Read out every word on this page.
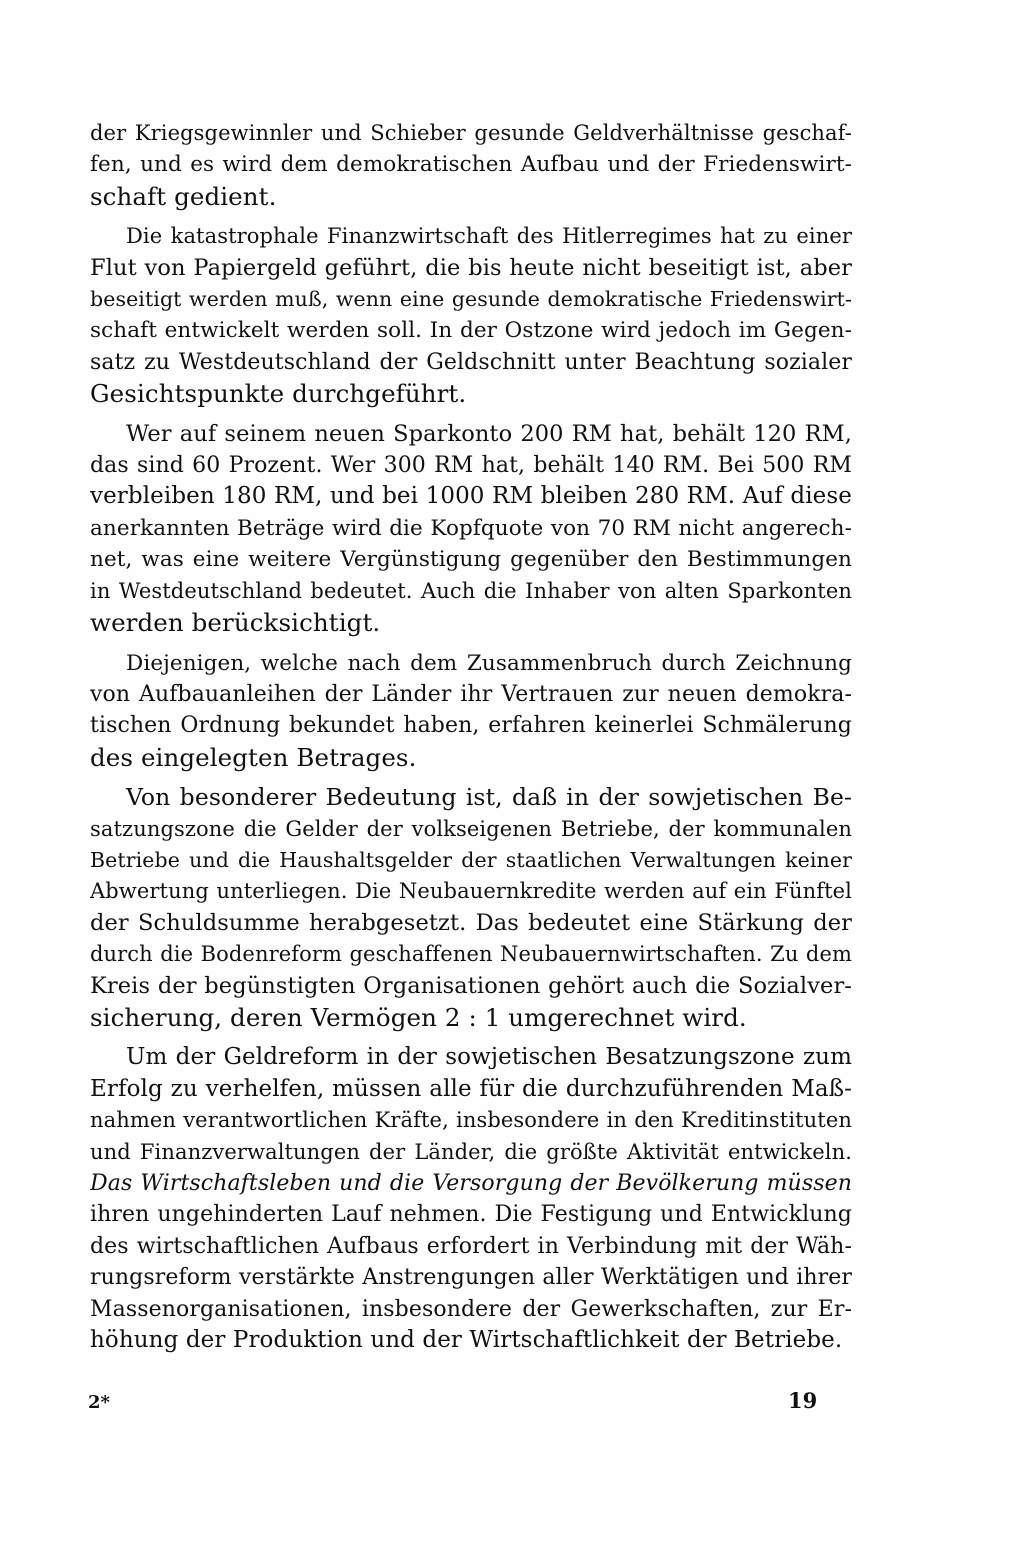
der Kriegsgewinnler und Schieber gesunde Geldverhältnisse geschaf-
fen, und es wird dem demokratischen Aufbau und der Friedenswirt-
schaft gedient.
Die katastrophale Finanzwirtschaft des Hitlerregimes hat zu einer
Flut von Papiergeld geführt, die bis heute nicht beseitigt ist, aber
beseitigt werden muß, wenn eine gesunde demokratische Friedenswirt-
schaft entwickelt werden soll. In der Ostzone wird jedoch im Gegen-
satz zu Westdeutschland der Geldschnitt unter Beachtung sozialer
Gesichtspunkte durchgeführt.
Wer auf seinem neuen Sparkonto 200 RM hat, behält 120 RM,
das sind 60 Prozent. Wer 300 RM hat, behält 140 RM. Bei 500 RM
verbleiben 180 RM, und bei 1000 RM bleiben 280 RM. Auf diese
anerkannten Beträge wird die Kopfquote von 70 RM nicht angerech-
net, was eine weitere Vergünstigung gegenüber den Bestimmungen
in Westdeutschland bedeutet. Auch die Inhaber von alten Sparkonten
werden berücksichtigt.
Diejenigen, welche nach dem Zusammenbruch durch Zeichnung
von Aufbauanleihen der Länder ihr Vertrauen zur neuen demokra-
tischen Ordnung bekundet haben, erfahren keinerlei Schmälerung
des eingelegten Betrages.
Von besonderer Bedeutung ist, daß in der sowjetischen Be-
satzungszone die Gelder der volkseigenen Betriebe, der kommunalen
Betriebe und die Haushaltsgelder der staatlichen Verwaltungen keiner
Abwertung unterliegen. Die Neubauernkredite werden auf ein Fünftel
der Schuldsumme herabgesetzt. Das bedeutet eine Stärkung der
durch die Bodenreform geschaffenen Neubauernwirtschaften. Zu dem
Kreis der begünstigten Organisationen gehört auch die Sozialver-
sicherung, deren Vermögen 2 : 1 umgerechnet wird.
Um der Geldreform in der sowjetischen Besatzungszone zum
Erfolg zu verhelfen, müssen alle für die durchzuführenden Maß-
nahmen verantwortlichen Kräfte, insbesondere in den Kreditinstituten
und Finanzverwaltungen der Länder, die größte Aktivität entwickeln.
Das Wirtschaftsleben und die Versorgung der Bevölkerung müssen
ihren ungehinderten Lauf nehmen. Die Festigung und Entwicklung
des wirtschaftlichen Aufbaus erfordert in Verbindung mit der Wäh-
rungsreform verstärkte Anstrengungen aller Werktätigen und ihrer
Massenorganisationen, insbesondere der Gewerkschaften, zur Er-
höhung der Produktion und der Wirtschaftlichkeit der Betriebe.
2*	19
